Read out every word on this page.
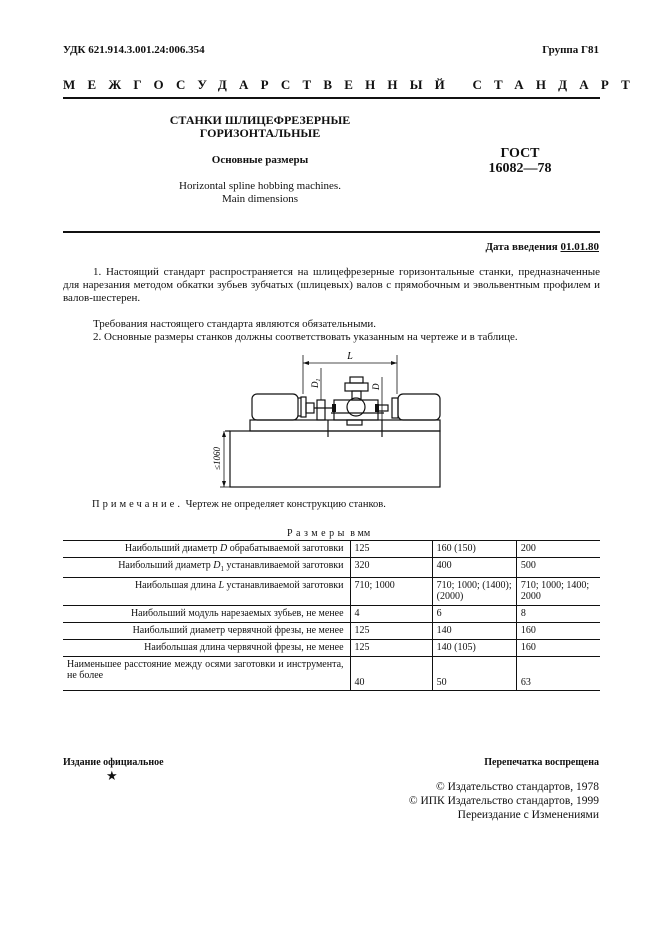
УДК 621.914.3.001.24:006.354	Группа Г81
МЕЖГОСУДАРСТВЕННЫЙ СТАНДАРТ
СТАНКИ ШЛИЦЕФРЕЗЕРНЫЕ
ГОРИЗОНТАЛЬНЫЕ
Основные размеры
Horizontal spline hobbing machines.
Main dimensions
ГОСТ
16082—78
Дата введения 01.01.80
1. Настоящий стандарт распространяется на шлицефрезерные горизонтальные станки, предназначенные для нарезания методом обкатки зубьев зубчатых (шлицевых) валов с прямобочным и эвольвентным профилем и валов-шестерен.
Требования настоящего стандарта являются обязательными.
2. Основные размеры станков должны соответствовать указанным на чертеже и в таблице.
L
$D_1$
D
≤1060
Примечание. Чертеж не определяет конструкцию станков.
Размеры в мм
Наибольший диаметр D обрабатываемой заготовки	125	160 (150)	200
Наибольший диаметр $D_1$ устанавливаемой заготовки	320	400	500
Наибольшая длина L устанавливаемой заготовки	710; 1000	710; 1000; (1400); (2000)	710; 1000; 1400; 2000
Наибольший модуль нарезаемых зубьев, не менее	4	6	8
Наибольший диаметр червячной фрезы, не менее	125	140	160
Наибольшая длина червячной фрезы, не менее	125	140 (105)	160
Наименьшее расстояние между осями заготовки и инструмента, не более	40	50	63
Издание официальное
★
Перепечатка воспрещена
© Издательство стандартов, 1978
© ИПК Издательство стандартов, 1999
Переиздание с Изменениями
